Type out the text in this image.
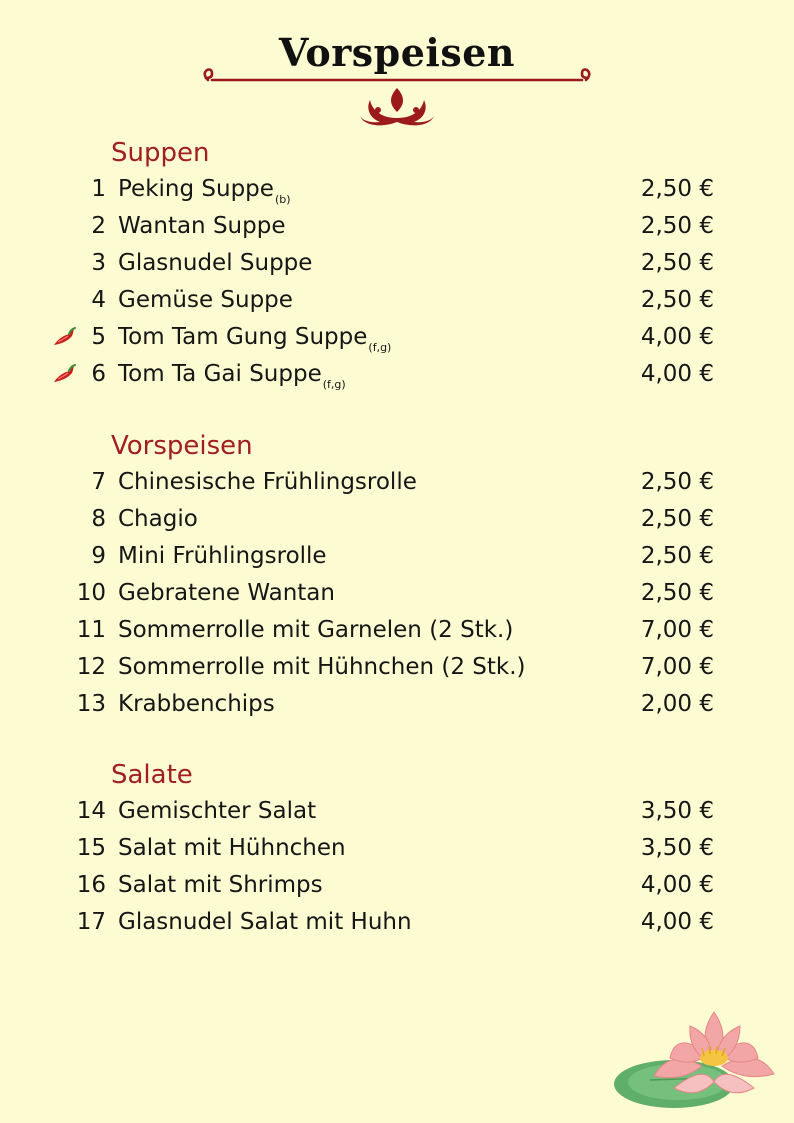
Vorspeisen
Suppen
1 Peking Suppe$_{(b)}$	2,50 €
2 Wantan Suppe	2,50 €
3 Glasnudel Suppe	2,50 €
4 Gemüse Suppe	2,50 €
5 Tom Tam Gung Suppe$_{(f,g)}$	4,00 €
6 Tom Ta Gai Suppe$_{(f,g)}$	4,00 €
Vorspeisen
7 Chinesische Frühlingsrolle	2,50 €
8 Chagio	2,50 €
9 Mini Frühlingsrolle	2,50 €
10 Gebratene Wantan	2,50 €
11 Sommerrolle mit Garnelen (2 Stk.)	7,00 €
12 Sommerrolle mit Hühnchen (2 Stk.)	7,00 €
13 Krabbenchips	2,00 €
Salate
14 Gemischter Salat	3,50 €
15 Salat mit Hühnchen	3,50 €
16 Salat mit Shrimps	4,00 €
17 Glasnudel Salat mit Huhn	4,00 €
